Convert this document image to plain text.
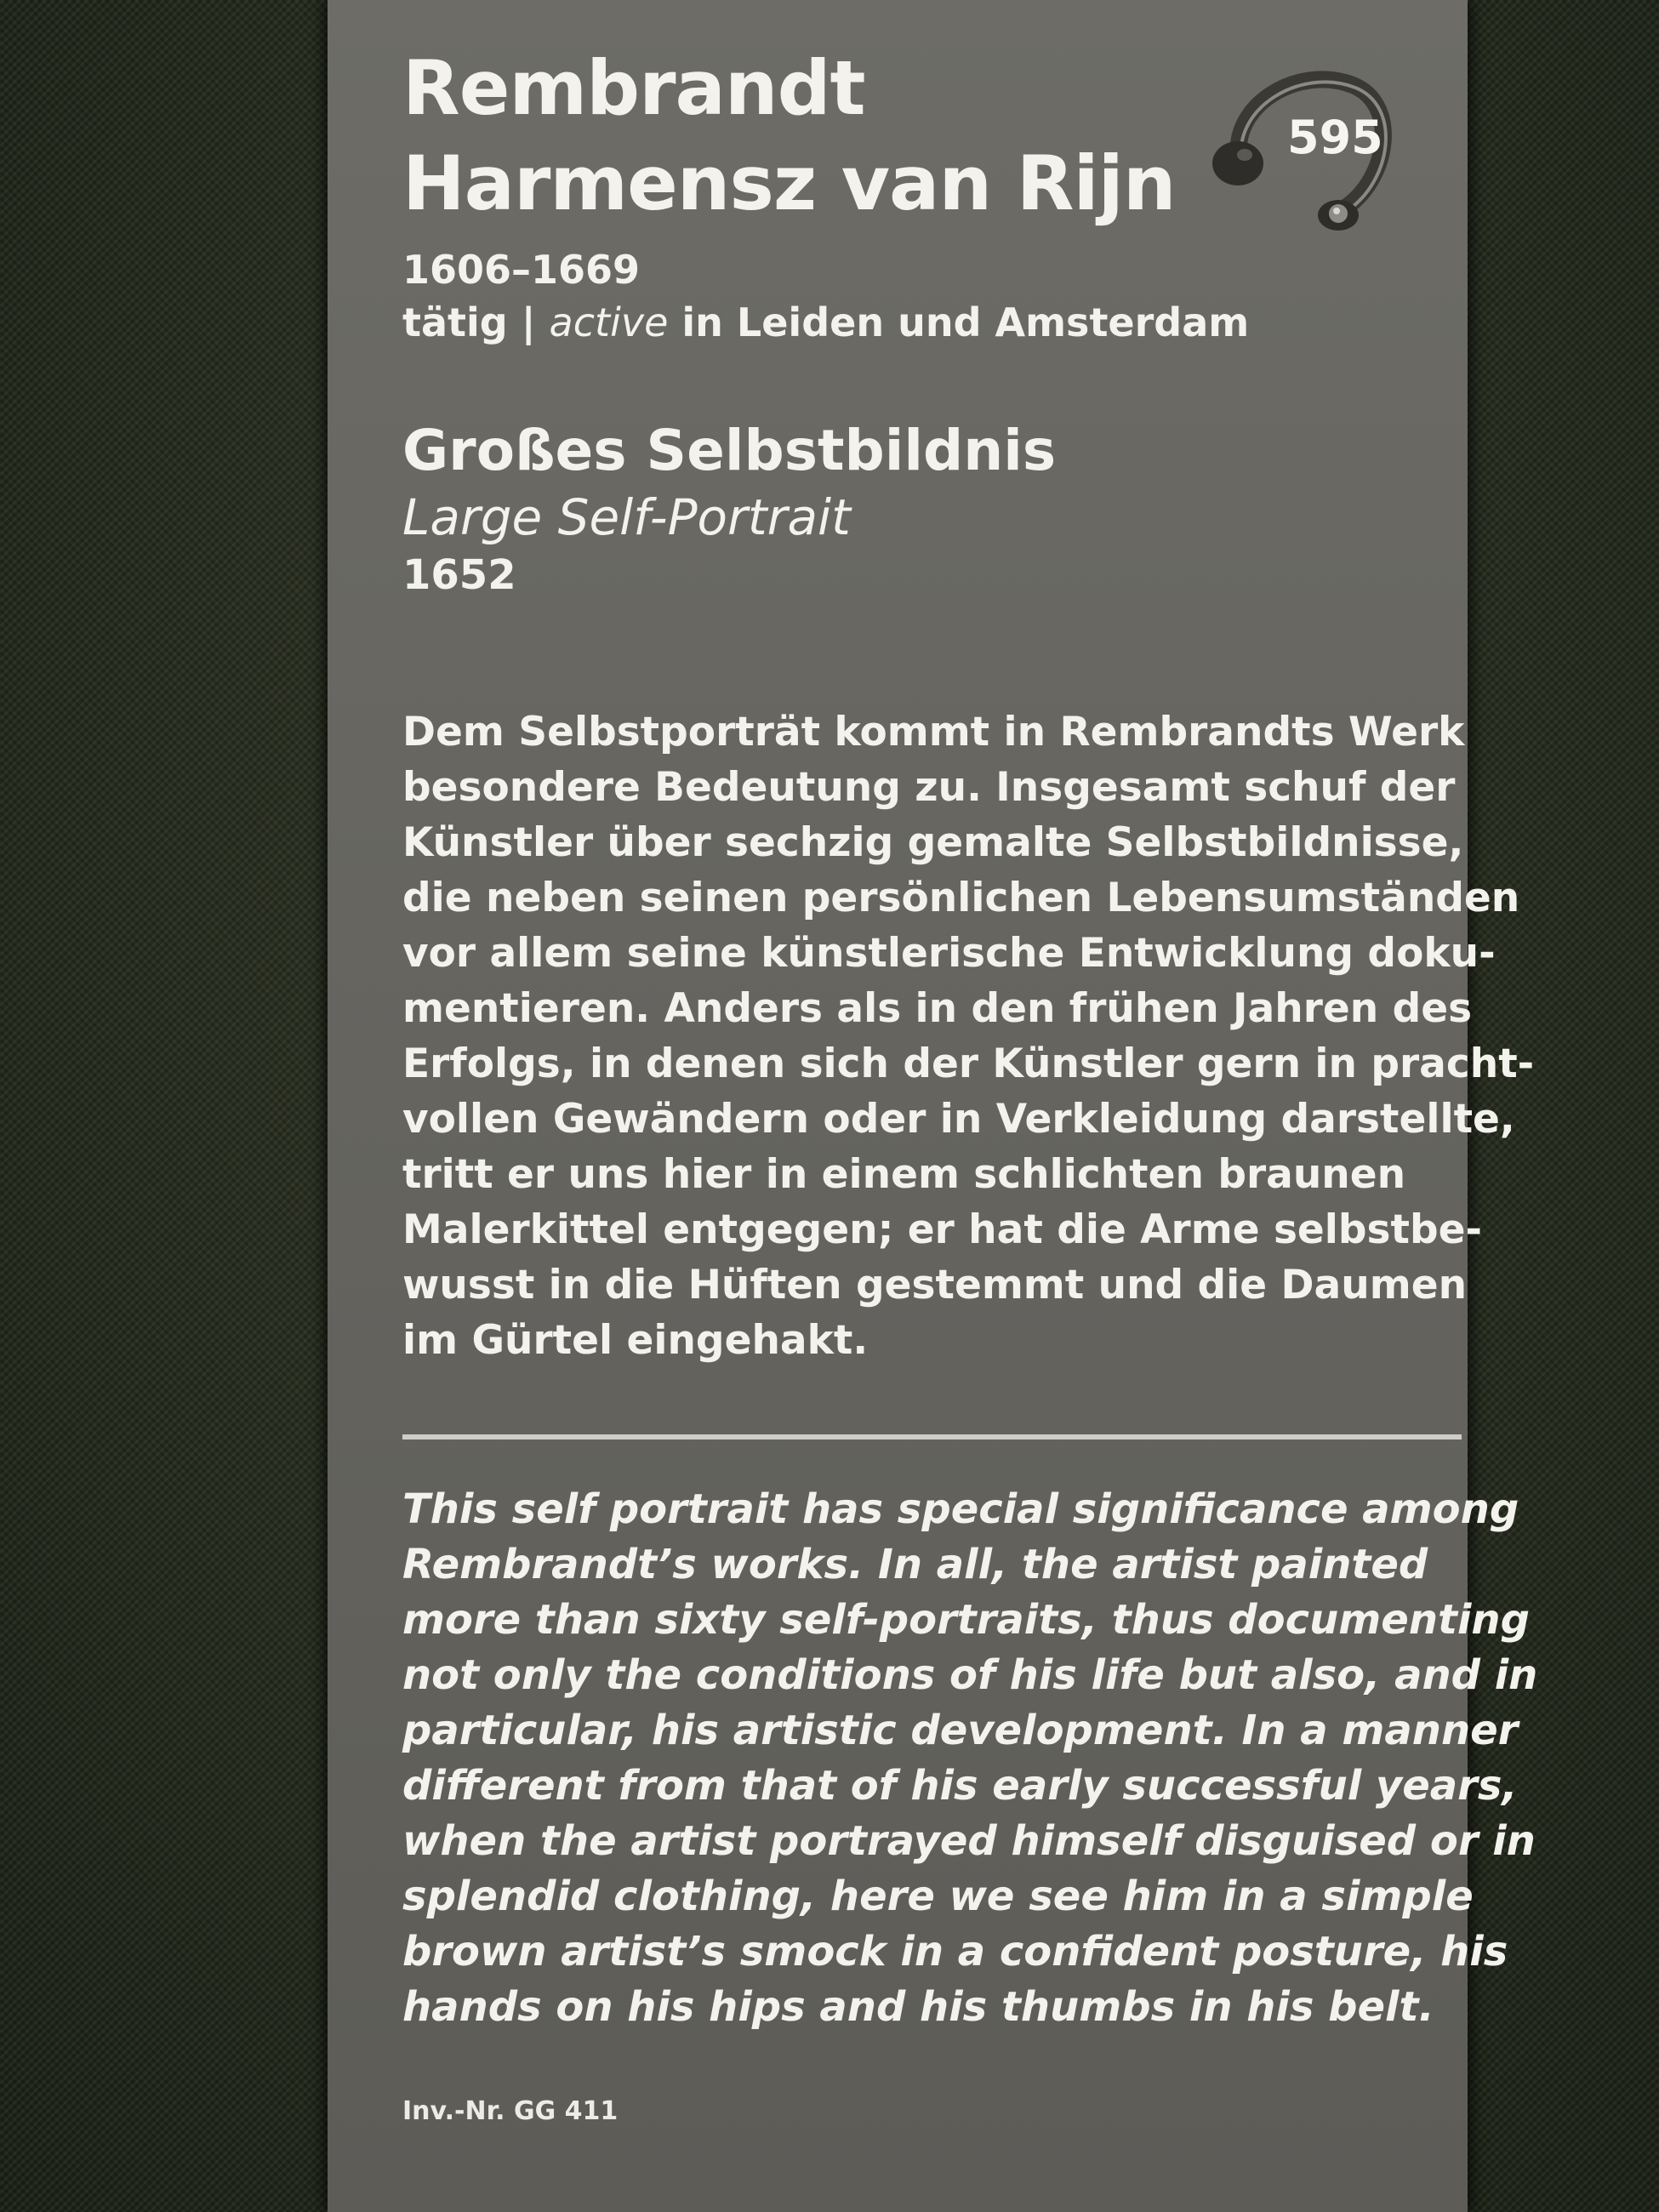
Rembrandt
Harmensz van Rijn
1606–1669
tätig | active in Leiden und Amsterdam
Großes Selbstbildnis
Large Self-Portrait
1652
Dem Selbstporträt kommt in Rembrandts Werk
besondere Bedeutung zu. Insgesamt schuf der
Künstler über sechzig gemalte Selbstbildnisse,
die neben seinen persönlichen Lebensumständen
vor allem seine künstlerische Entwicklung doku-
mentieren. Anders als in den frühen Jahren des
Erfolgs, in denen sich der Künstler gern in pracht-
vollen Gewändern oder in Verkleidung darstellte,
tritt er uns hier in einem schlichten braunen
Malerkittel entgegen; er hat die Arme selbstbe-
wusst in die Hüften gestemmt und die Daumen
im Gürtel eingehakt.
This self portrait has special significance among
Rembrandt’s works. In all, the artist painted
more than sixty self-portraits, thus documenting
not only the conditions of his life but also, and in
particular, his artistic development. In a manner
different from that of his early successful years,
when the artist portrayed himself disguised or in
splendid clothing, here we see him in a simple
brown artist’s smock in a confident posture, his
hands on his hips and his thumbs in his belt.
Inv.-Nr. GG 411
595
